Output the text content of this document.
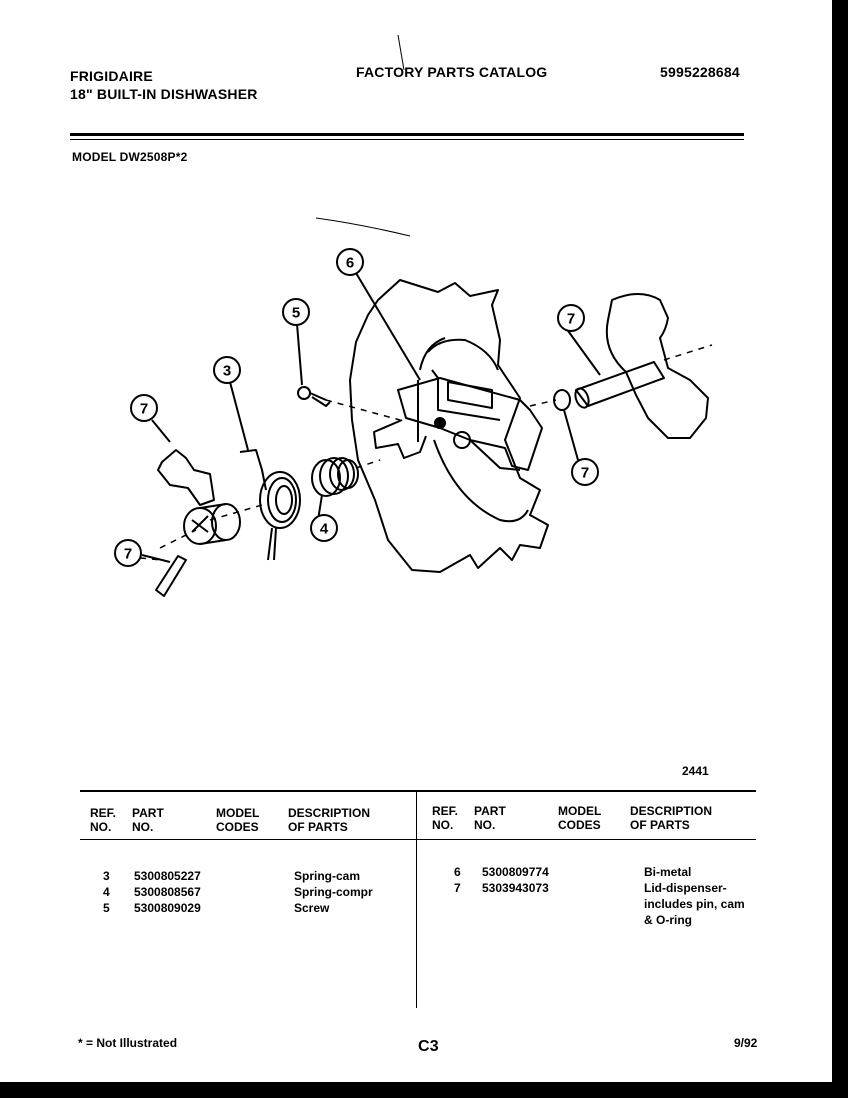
FRIGIDAIRE
18" BUILT-IN DISHWASHER
FACTORY PARTS CATALOG	5995228684
MODEL DW2508P*2
6
5
3
7
7
4
7
7
2441
REF.
NO.
PART
NO.
MODEL
CODES
DESCRIPTION
OF PARTS
REF.
NO.
PART
NO.
MODEL
CODES
DESCRIPTION
OF PARTS
3 5300805227	Spring-cam
4 5300808567	Spring-compr
5 5300809029	Screw
6 5300809774	Bi-metal
7 5303943073	Lid-dispenser-
includes pin, cam
& O-ring
* = Not Illustrated	C3	9/92
